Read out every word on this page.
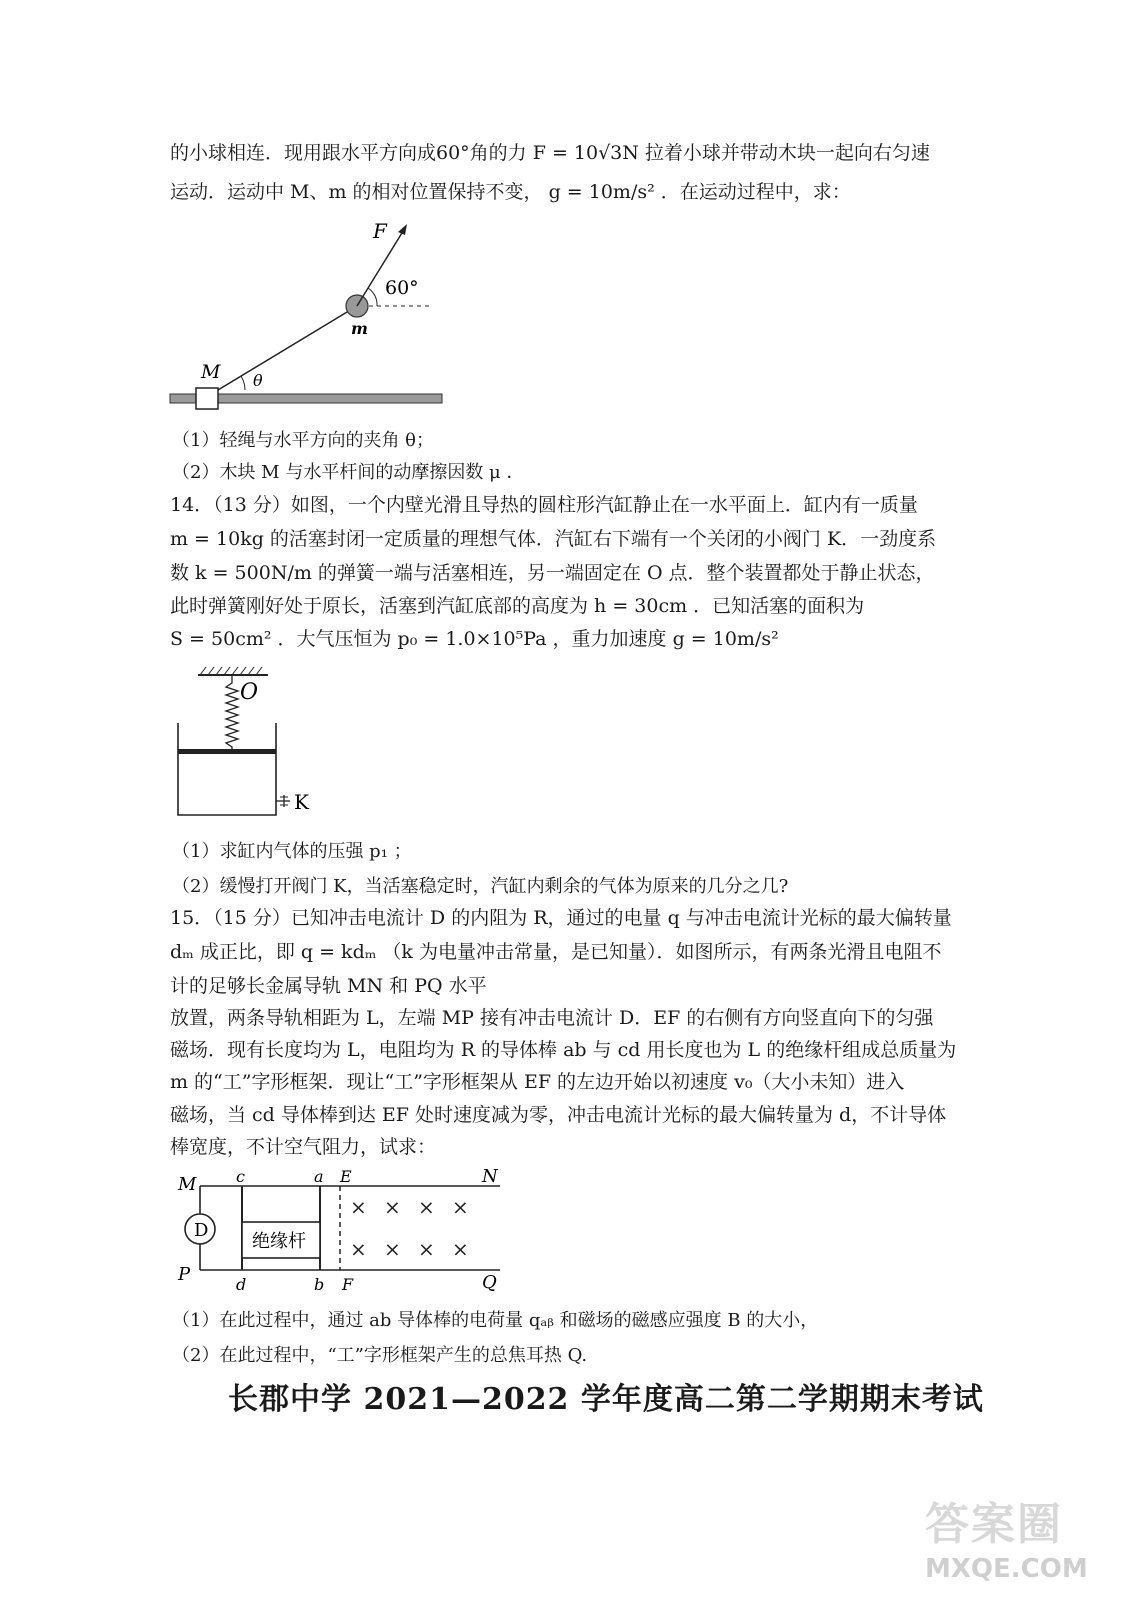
的小球相连．现用跟水平方向成60°角的力 F = 10√3N 拉着小球并带动木块一起向右匀速
运动．运动中 M、m 的相对位置保持不变， g = 10m/s² ．在运动过程中，求：
F
60°
m
M θ
（1）轻绳与水平方向的夹角 θ；
（2）木块 M 与水平杆间的动摩擦因数 μ ．
14．（13 分）如图，一个内壁光滑且导热的圆柱形汽缸静止在一水平面上．缸内有一质量
m = 10kg 的活塞封闭一定质量的理想气体．汽缸右下端有一个关闭的小阀门 K．一劲度系
数 k = 500N/m 的弹簧一端与活塞相连，另一端固定在 O 点．整个装置都处于静止状态，
此时弹簧刚好处于原长，活塞到汽缸底部的高度为 h = 30cm ．已知活塞的面积为
S = 50cm² ．大气压恒为 p₀ = 1.0×10⁵Pa ，重力加速度 g = 10m/s²
O
K
（1）求缸内气体的压强 p₁ ；
（2）缓慢打开阀门 K，当活塞稳定时，汽缸内剩余的气体为原来的几分之几?
15．（15 分）已知冲击电流计 D 的内阻为 R，通过的电量 q 与冲击电流计光标的最大偏转量
dₘ 成正比，即 q = kdₘ （k 为电量冲击常量，是已知量）．如图所示，有两条光滑且电阻不
计的足够长金属导轨 MN 和 PQ 水平
放置，两条导轨相距为 L，左端 MP 接有冲击电流计 D．EF 的右侧有方向竖直向下的匀强
磁场．现有长度均为 L，电阻均为 R 的导体棒 ab 与 cd 用长度也为 L 的绝缘杆组成总质量为
m 的“工”字形框架．现让“工”字形框架从 EF 的左边开始以初速度 v₀（大小未知）进入
磁场，当 cd 导体棒到达 EF 处时速度减为零，冲击电流计光标的最大偏转量为 d，不计导体
棒宽度，不计空气阻力，试求：
D
绝缘杆
× × × ×
× × × ×
M	N
P	Q
c	a E
d	b F
（1）在此过程中，通过 ab 导体棒的电荷量 qₐᵦ 和磁场的磁感应强度 B 的大小，
（2）在此过程中，“工”字形框架产生的总焦耳热 Q.
长郡中学 2021—2022 学年度高二第二学期期末考试
答案圈
MXQE.COM
